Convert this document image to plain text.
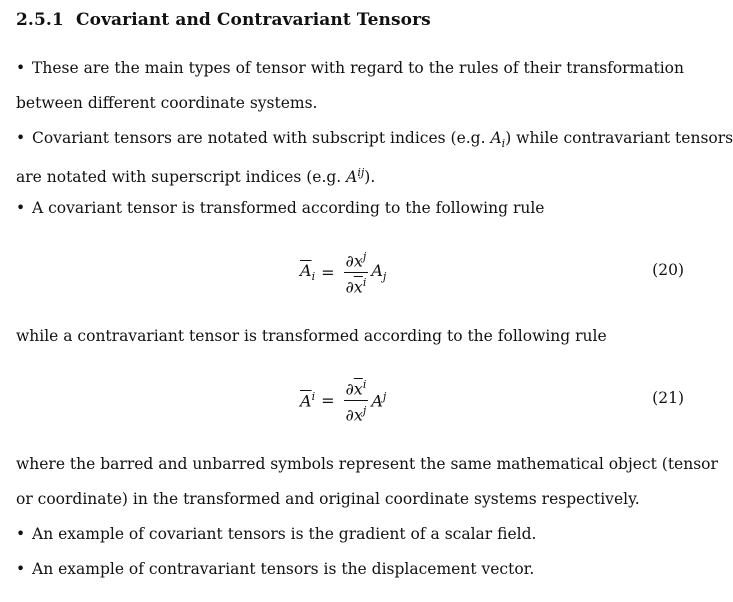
2.5.1 Covariant and Contravariant Tensors
• These are the main types of tensor with regard to the rules of their transformation
between different coordinate systems.
• Covariant tensors are notated with subscript indices (e.g. $A_i$) while contravariant tensors
are notated with superscript indices (e.g. $A^{ij}$).
• A covariant tensor is transformed according to the following rule
$\overline{A}_i = \frac{\partial x^j}{\partial\overline{x}^i} A_j$	(20)
while a contravariant tensor is transformed according to the following rule
$\overline{A}^i = \frac{\partial\overline{x}^i}{\partial x^j} A^j$	(21)
where the barred and unbarred symbols represent the same mathematical object (tensor
or coordinate) in the transformed and original coordinate systems respectively.
• An example of covariant tensors is the gradient of a scalar field.
• An example of contravariant tensors is the displacement vector.
